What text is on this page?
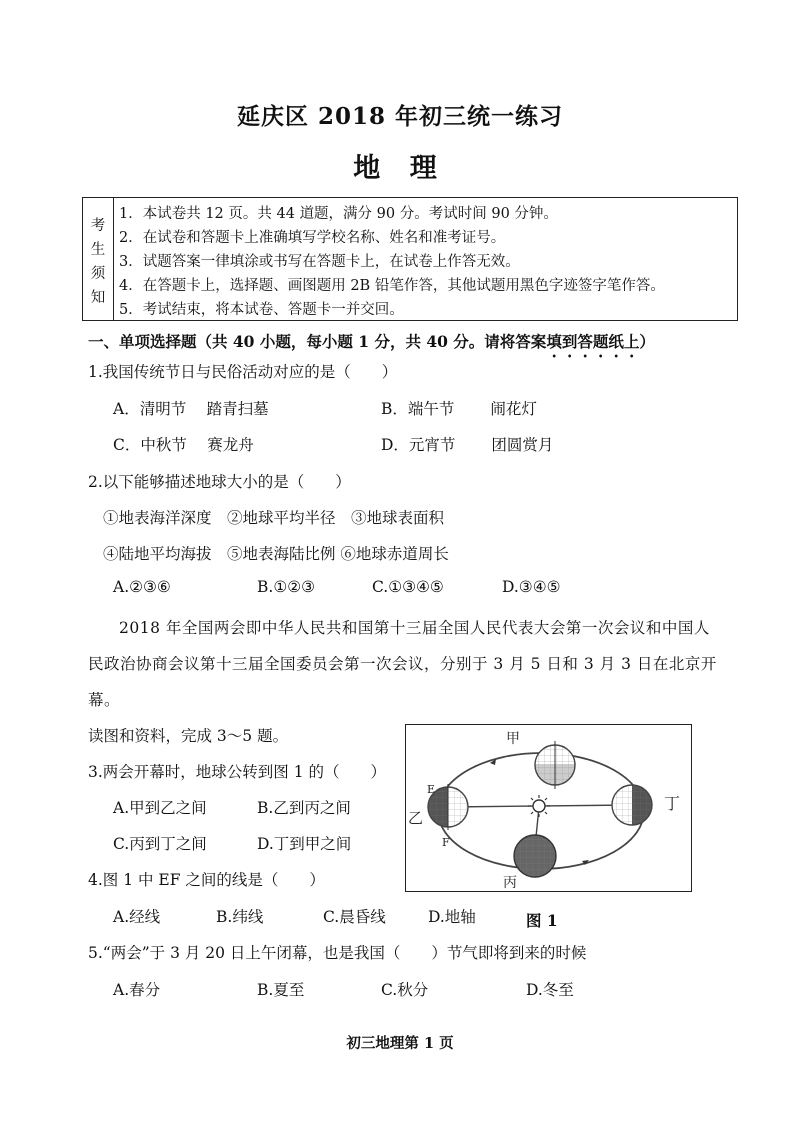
延庆区 2018 年初三统一练习
地 理
考
生
须
知
1．本试卷共 12 页。共 44 道题，满分 90 分。考试时间 90 分钟。
2．在试卷和答题卡上准确填写学校名称、姓名和准考证号。
3．试题答案一律填涂或书写在答题卡上，在试卷上作答无效。
4．在答题卡上，选择题、画图题用 2B 铅笔作答，其他试题用黑色字迹签字笔作答。
5．考试结束，将本试卷、答题卡一并交回。
一、单项选择题（共 40 小题，每小题 1 分，共 40 分。请将答案填到答题纸上）
1.我国传统节日与民俗活动对应的是（　　）
A．清明节　 踏青扫墓	B．端午节　　 闹花灯
C．中秋节　 赛龙舟	D．元宵节　　 团圆赏月
2.以下能够描述地球大小的是（　　）
①地表海洋深度　②地球平均半径　③地球表面积
④陆地平均海拔　⑤地表海陆比例 ⑥地球赤道周长
A.②③⑥	B.①②③	C.①③④⑤	D.③④⑤
2018 年全国两会即中华人民共和国第十三届全国人民代表大会第一次会议和中国人
民政治协商会议第十三届全国委员会第一次会议，分别于 3 月 5 日和 3 月 3 日在北京开
幕。
读图和资料，完成 3～5 题。
3.两会开幕时，地球公转到图 1 的（　　）
A.甲到乙之间	B.乙到丙之间
C.丙到丁之间	D.丁到甲之间
4.图 1 中 EF 之间的线是（　　）
A.经线	B.纬线	C.晨昏线	D.地轴
甲
乙
E
F
丙
丁
图 1
5.“两会”于 3 月 20 日上午闭幕，也是我国（　　）节气即将到来的时候
A.春分	B.夏至	C.秋分	D.冬至
初三地理第 1 页
